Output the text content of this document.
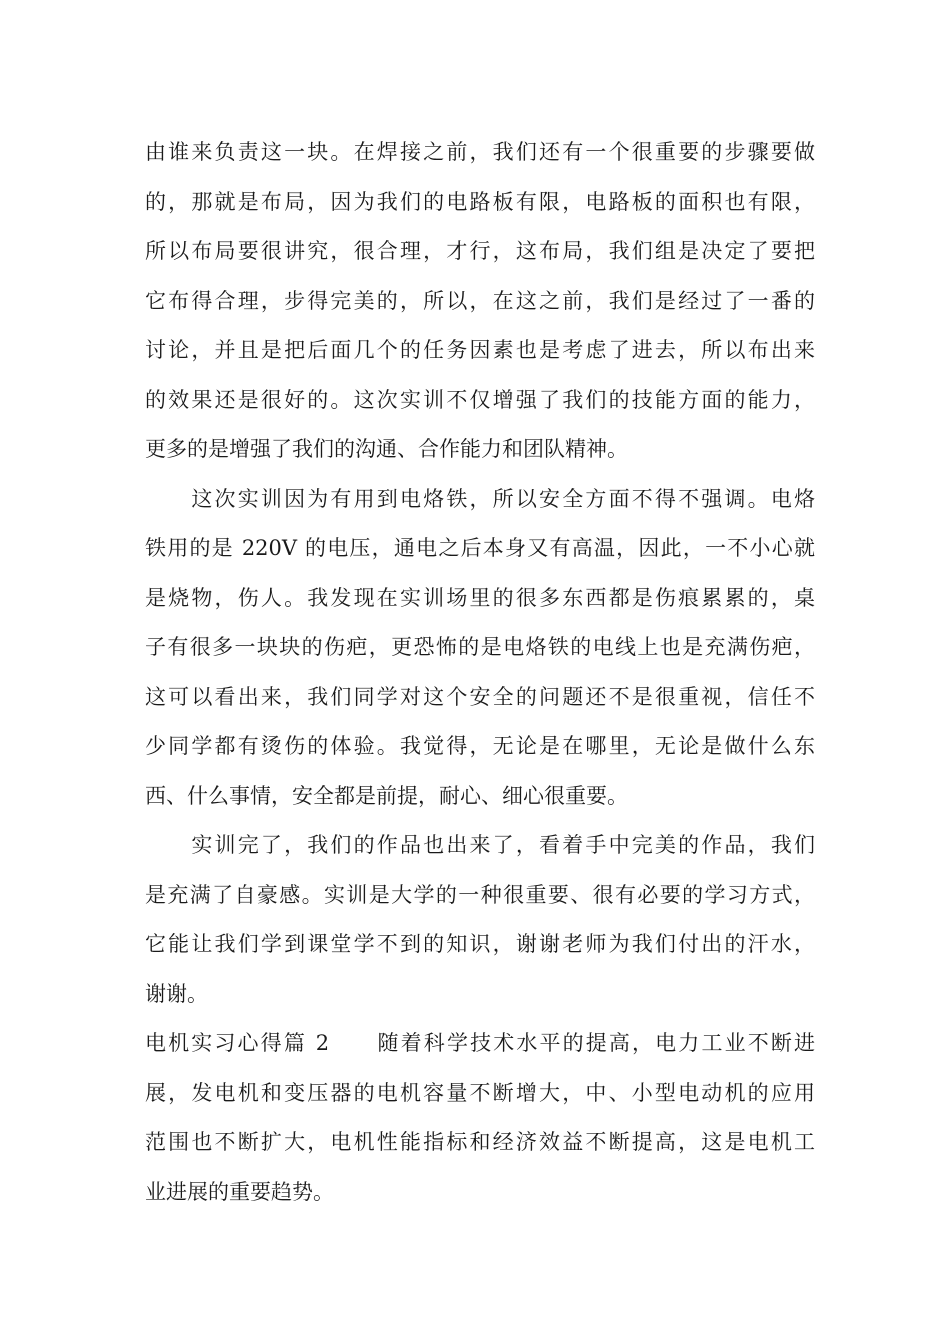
由谁来负责这一块。在焊接之前，我们还有一个很重要的步骤要做
的，那就是布局，因为我们的电路板有限，电路板的面积也有限，
所以布局要很讲究，很合理，才行，这布局，我们组是决定了要把
它布得合理，步得完美的，所以，在这之前，我们是经过了一番的
讨论，并且是把后面几个的任务因素也是考虑了进去，所以布出来
的效果还是很好的。这次实训不仅增强了我们的技能方面的能力，
更多的是增强了我们的沟通、合作能力和团队精神。
　　这次实训因为有用到电烙铁，所以安全方面不得不强调。电烙
铁用的是 220V 的电压，通电之后本身又有高温，因此，一不小心就
是烧物，伤人。我发现在实训场里的很多东西都是伤痕累累的，桌
子有很多一块块的伤疤，更恐怖的是电烙铁的电线上也是充满伤疤，
这可以看出来，我们同学对这个安全的问题还不是很重视，信任不
少同学都有烫伤的体验。我觉得，无论是在哪里，无论是做什么东
西、什么事情，安全都是前提，耐心、细心很重要。
　　实训完了，我们的作品也出来了，看着手中完美的作品，我们
是充满了自豪感。实训是大学的一种很重要、很有必要的学习方式，
它能让我们学到课堂学不到的知识，谢谢老师为我们付出的汗水，
谢谢。
电机实习心得篇 2　　随着科学技术水平的提高，电力工业不断进
展，发电机和变压器的电机容量不断增大，中、小型电动机的应用
范围也不断扩大，电机性能指标和经济效益不断提高，这是电机工
业进展的重要趋势。
